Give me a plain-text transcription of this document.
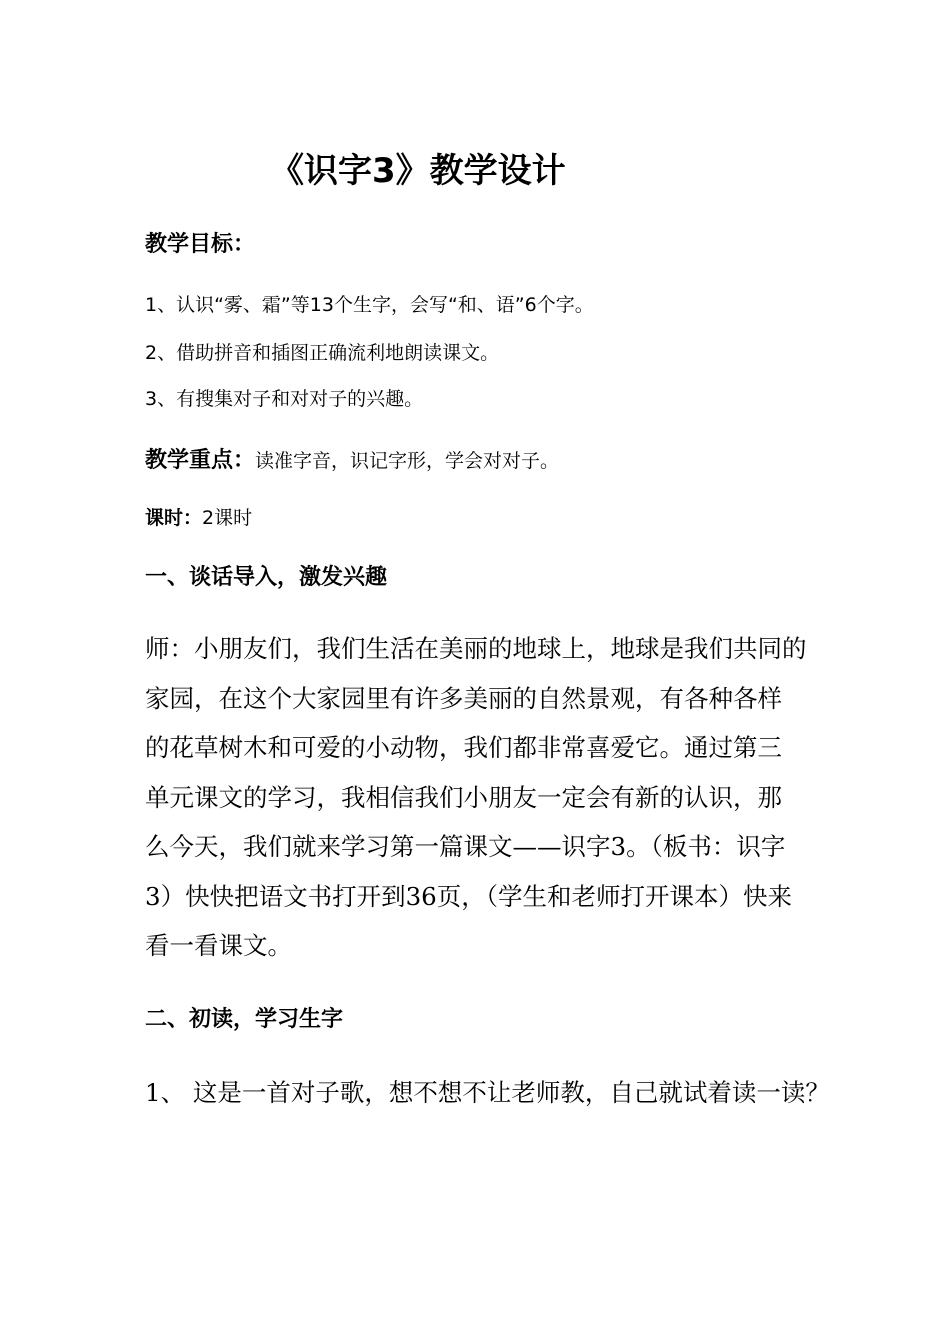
《识字3》教学设计
教学目标：
1、认识“雾、霜”等13个生字，会写“和、语”6个字。
2、借助拼音和插图正确流利地朗读课文。
3、有搜集对子和对对子的兴趣。
教学重点：读准字音，识记字形，学会对对子。
课时：2课时
一、谈话导入，激发兴趣
师：小朋友们，我们生活在美丽的地球上，地球是我们共同的
家园，在这个大家园里有许多美丽的自然景观，有各种各样
的花草树木和可爱的小动物，我们都非常喜爱它。通过第三
单元课文的学习，我相信我们小朋友一定会有新的认识，那
么今天，我们就来学习第一篇课文——识字3。（板书：识字
3）快快把语文书打开到36页，（学生和老师打开课本）快来
看一看课文。
二、初读，学习生字
1、 这是一首对子歌，想不想不让老师教，自己就试着读一读？
